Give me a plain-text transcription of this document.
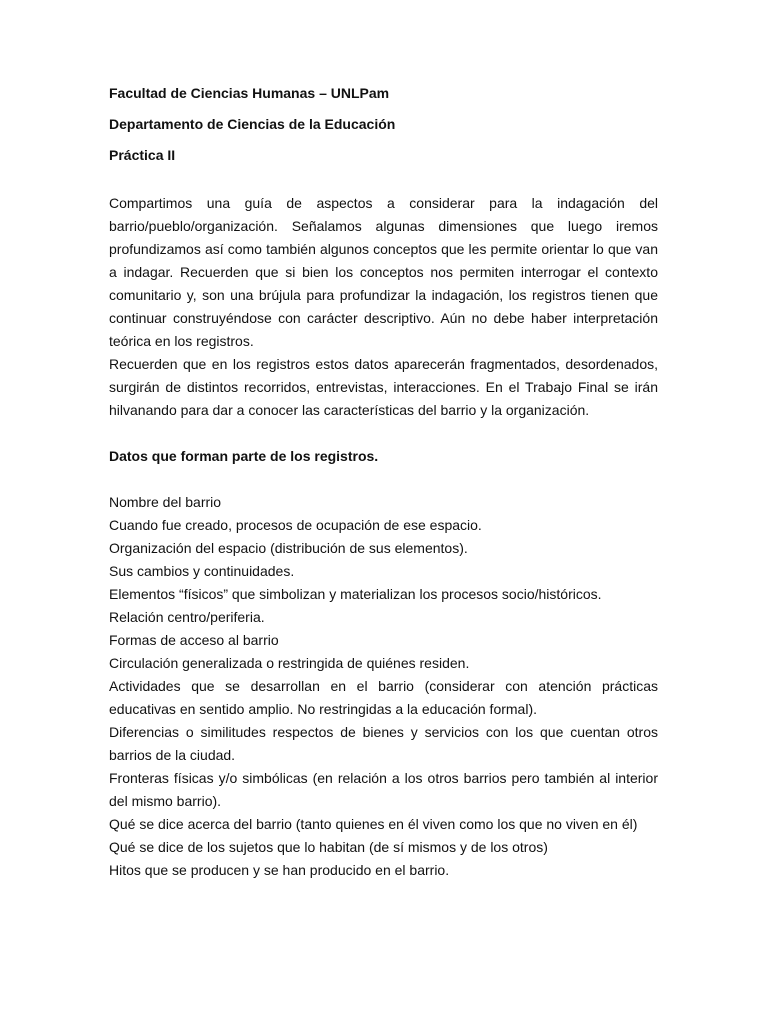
Facultad de Ciencias Humanas – UNLPam

Departamento de Ciencias de la Educación

Práctica II

Compartimos una guía de aspectos a considerar para la indagación del barrio/pueblo/organización. Señalamos algunas dimensiones que luego iremos profundizamos así como también algunos conceptos que les permite orientar lo que van a indagar. Recuerden que si bien los conceptos nos permiten interrogar el contexto comunitario y, son una brújula para profundizar la indagación, los registros tienen que continuar construyéndose con carácter descriptivo. Aún no debe haber interpretación teórica en los registros.

Recuerden que en los registros estos datos aparecerán fragmentados, desordenados, surgirán de distintos recorridos, entrevistas, interacciones. En el Trabajo Final se irán hilvanando para dar a conocer las características del barrio y la organización.

Datos que forman parte de los registros.

Nombre del barrio
Cuando fue creado, procesos de ocupación de ese espacio.
Organización del espacio (distribución de sus elementos).
Sus cambios y continuidades.
Elementos “físicos” que simbolizan y materializan los procesos socio/históricos.
Relación centro/periferia.
Formas de acceso al barrio
Circulación generalizada o restringida de quiénes residen.
Actividades que se desarrollan en el barrio (considerar con atención prácticas educativas en sentido amplio. No restringidas a la educación formal).
Diferencias o similitudes respectos de bienes y servicios con los que cuentan otros barrios de la ciudad.
Fronteras físicas y/o simbólicas (en relación a los otros barrios pero también al interior del mismo barrio).
Qué se dice acerca del barrio (tanto quienes en él viven como los que no viven en él)
Qué se dice de los sujetos que lo habitan (de sí mismos y de los otros)
Hitos que se producen y se han producido en el barrio.
